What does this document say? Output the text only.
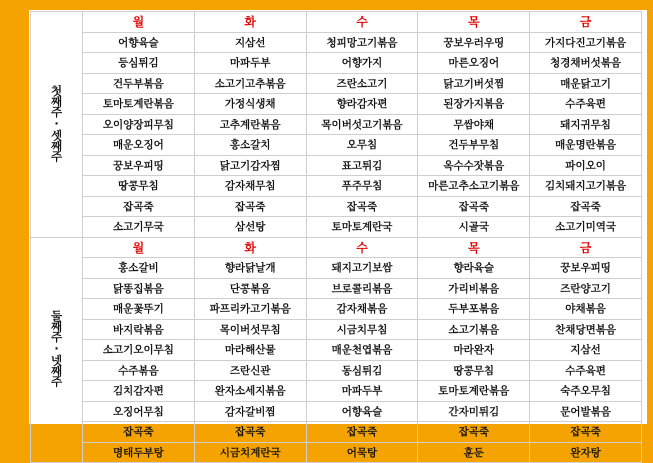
첫째주·셋째주	월	화	수	목	금
	어향육슬	지삼선	청피망고기볶음	꿍보우러우띵	가지다진고기볶음
	등심튀김	마파두부	어향가지	마른오징어	청경채버섯볶음
	건두부볶음	소고기고추볶음	즈란소고기	닭고기버섯찜	매운닭고기
	토마토계란볶음	가정식생채	향라감자편	된장가지볶음	수주육편
	오이양장피무침	고추계란볶음	목이버섯고기볶음	무쌈야채	돼지귀무침
	매운오징어	홍소갈치	오무침	건두부무침	매운명란볶음
	꿍보우피띵	닭고기감자찜	표고튀김	옥수수잣볶음	파이오이
	땅콩무침	감자채무침	푸주무침	마른고추소고기볶음	김치돼지고기볶음
	잡곡죽	잡곡죽	잡곡죽	잡곡죽	잡곡죽
	소고기무국	삼선탕	토마토계란국	시골국	소고기미역국
둘째주·넷째주	월	화	수	목	금
	홍소갈비	향라닭날개	돼지고기보쌈	향라육슬	꿍보우피띵
	닭똥집볶음	단콩볶음	브로콜리볶음	가리비볶음	즈란양고기
	매운꽃뚜기	파프리카고기볶음	감자채볶음	두부포볶음	야채볶음
	바지락볶음	목이버섯무침	시금치무침	소고기볶음	찬채당면볶음
	소고기오이무침	마라해산물	매운천엽볶음	마라완자	지삼선
	수주볶음	즈란신관	동심튀김	땅콩무침	수주육편
	김치감자편	완자소세지볶음	마파두부	토마토계란볶음	숙주오무침
	오징어무침	감자갈비찜	어향육슬	간자미튀김	문어발볶음
	잡곡죽	잡곡죽	잡곡죽	잡곡죽	잡곡죽
	명태두부탕	시금치계란국	어묵탕	훈둔	완자탕
